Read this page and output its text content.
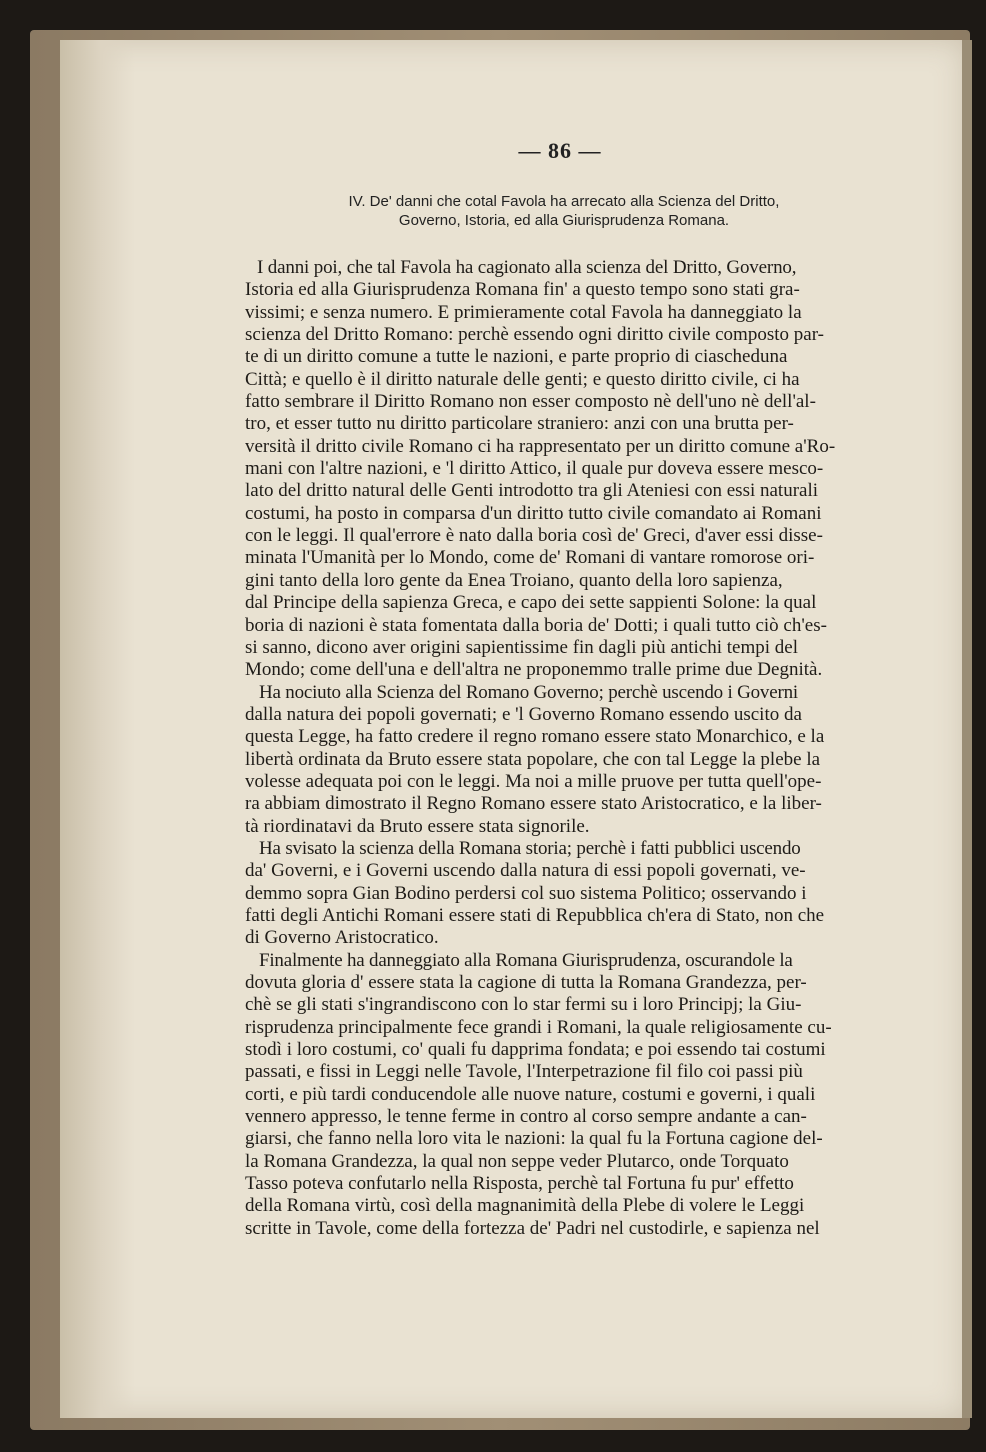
— 86 —
IV. De' danni che cotal Favola ha arrecato alla Scienza del Dritto,
Governo, Istoria, ed alla Giurisprudenza Romana.
I danni poi, che tal Favola ha cagionato alla scienza del Dritto, Governo,
Istoria ed alla Giurisprudenza Romana fin' a questo tempo sono stati gra-
vissimi; e senza numero. E primieramente cotal Favola ha danneggiato la
scienza del Dritto Romano: perchè essendo ogni diritto civile composto par-
te di un diritto comune a tutte le nazioni, e parte proprio di ciascheduna
Città; e quello è il diritto naturale delle genti; e questo diritto civile, ci ha
fatto sembrare il Diritto Romano non esser composto nè dell'uno nè dell'al-
tro, et esser tutto nu diritto particolare straniero: anzi con una brutta per-
versità il dritto civile Romano ci ha rappresentato per un diritto comune a'Ro-
mani con l'altre nazioni, e 'l diritto Attico, il quale pur doveva essere mesco-
lato del dritto natural delle Genti introdotto tra gli Ateniesi con essi naturali
costumi, ha posto in comparsa d'un diritto tutto civile comandato ai Romani
con le leggi. Il qual'errore è nato dalla boria così de' Greci, d'aver essi disse-
minata l'Umanità per lo Mondo, come de' Romani di vantare romorose ori-
gini tanto della loro gente da Enea Troiano, quanto della loro sapienza,
dal Principe della sapienza Greca, e capo dei sette sappienti Solone: la qual
boria di nazioni è stata fomentata dalla boria de' Dotti; i quali tutto ciò ch'es-
si sanno, dicono aver origini sapientissime fin dagli più antichi tempi del
Mondo; come dell'una e dell'altra ne proponemmo tralle prime due Degnità.
Ha nociuto alla Scienza del Romano Governo; perchè uscendo i Governi
dalla natura dei popoli governati; e 'l Governo Romano essendo uscito da
questa Legge, ha fatto credere il regno romano essere stato Monarchico, e la
libertà ordinata da Bruto essere stata popolare, che con tal Legge la plebe la
volesse adequata poi con le leggi. Ma noi a mille pruove per tutta quell'ope-
ra abbiam dimostrato il Regno Romano essere stato Aristocratico, e la liber-
tà riordinatavi da Bruto essere stata signorile.
Ha svisato la scienza della Romana storia; perchè i fatti pubblici uscendo
da' Governi, e i Governi uscendo dalla natura di essi popoli governati, ve-
demmo sopra Gian Bodino perdersi col suo sistema Politico; osservando i
fatti degli Antichi Romani essere stati di Repubblica ch'era di Stato, non che
di Governo Aristocratico.
Finalmente ha danneggiato alla Romana Giurisprudenza, oscurandole la
dovuta gloria d' essere stata la cagione di tutta la Romana Grandezza, per-
chè se gli stati s'ingrandiscono con lo star fermi su i loro Principj; la Giu-
risprudenza principalmente fece grandi i Romani, la quale religiosamente cu-
stodì i loro costumi, co' quali fu dapprima fondata; e poi essendo tai costumi
passati, e fissi in Leggi nelle Tavole, l'Interpetrazione fil filo coi passi più
corti, e più tardi conducendole alle nuove nature, costumi e governi, i quali
vennero appresso, le tenne ferme in contro al corso sempre andante a can-
giarsi, che fanno nella loro vita le nazioni: la qual fu la Fortuna cagione del-
la Romana Grandezza, la qual non seppe veder Plutarco, onde Torquato
Tasso poteva confutarlo nella Risposta, perchè tal Fortuna fu pur' effetto
della Romana virtù, così della magnanimità della Plebe di volere le Leggi
scritte in Tavole, come della fortezza de' Padri nel custodirle, e sapienza nel
